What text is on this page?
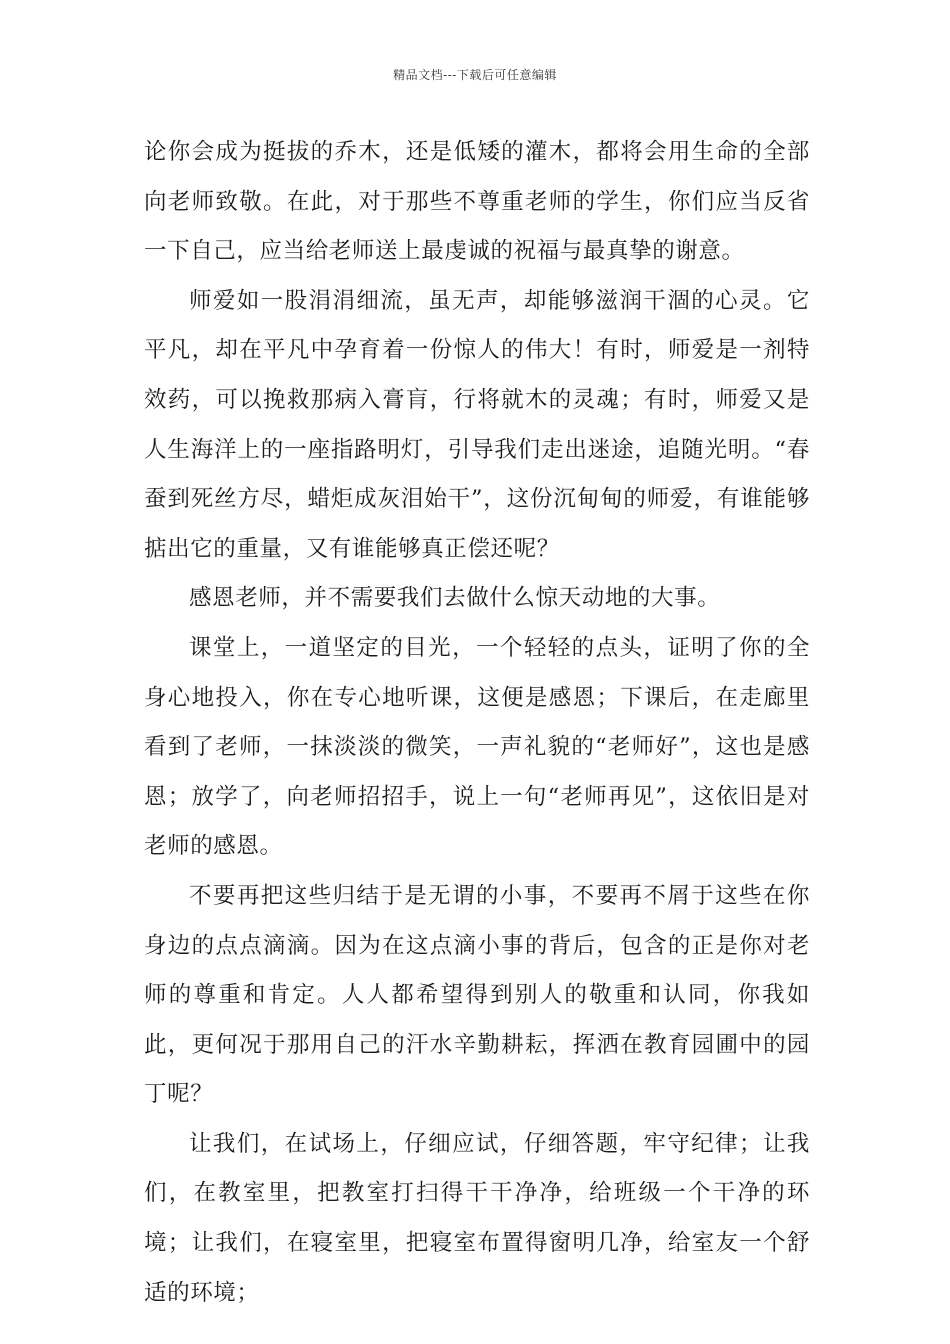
精品文档---下载后可任意编辑

论你会成为挺拔的乔木，还是低矮的灌木，都将会用生命的全部向老师致敬。在此，对于那些不尊重老师的学生，你们应当反省一下自己，应当给老师送上最虔诚的祝福与最真挚的谢意。

师爱如一股涓涓细流，虽无声，却能够滋润干涸的心灵。它平凡，却在平凡中孕育着一份惊人的伟大！有时，师爱是一剂特效药，可以挽救那病入膏肓，行将就木的灵魂；有时，师爱又是人生海洋上的一座指路明灯，引导我们走出迷途，追随光明。“春蚕到死丝方尽，蜡炬成灰泪始干”，这份沉甸甸的师爱，有谁能够掂出它的重量，又有谁能够真正偿还呢？

感恩老师，并不需要我们去做什么惊天动地的大事。

课堂上，一道坚定的目光，一个轻轻的点头，证明了你的全身心地投入，你在专心地听课，这便是感恩；下课后，在走廊里看到了老师，一抹淡淡的微笑，一声礼貌的“老师好”，这也是感恩；放学了，向老师招招手，说上一句“老师再见”，这依旧是对老师的感恩。

不要再把这些归结于是无谓的小事，不要再不屑于这些在你身边的点点滴滴。因为在这点滴小事的背后，包含的正是你对老师的尊重和肯定。人人都希望得到别人的敬重和认同，你我如此，更何况于那用自己的汗水辛勤耕耘，挥洒在教育园圃中的园丁呢？

让我们，在试场上，仔细应试，仔细答题，牢守纪律；让我们，在教室里，把教室打扫得干干净净，给班级一个干净的环境；让我们，在寝室里，把寝室布置得窗明几净，给室友一个舒适的环境；
